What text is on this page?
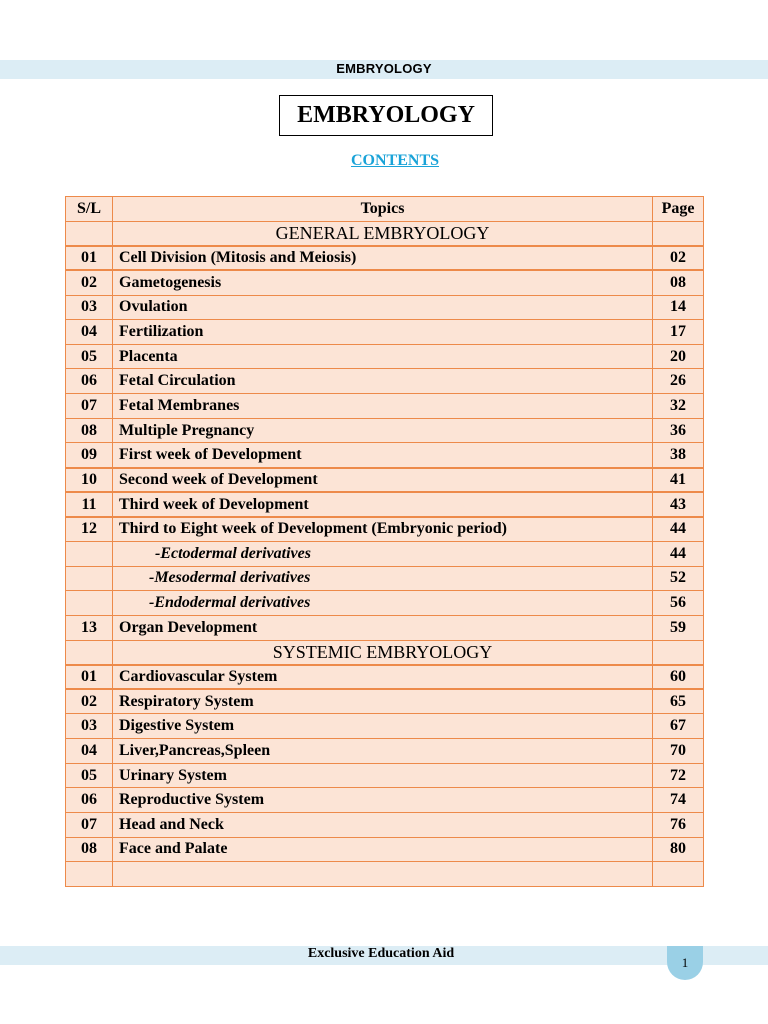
EMBRYOLOGY
EMBRYOLOGY
CONTENTS
S/L	Topics	Page
	GENERAL EMBRYOLOGY	
01	Cell Division (Mitosis and Meiosis)	02
02	Gametogenesis	08
03	Ovulation	14
04	Fertilization	17
05	Placenta	20
06	Fetal Circulation	26
07	Fetal Membranes	32
08	Multiple Pregnancy	36
09	First week of Development	38
10	Second week of Development	41
11	Third week of Development	43
12	Third to Eight week of Development (Embryonic period)	44
	-Ectodermal derivatives	44
	-Mesodermal derivatives	52
	-Endodermal derivatives	56
13	Organ Development	59
	SYSTEMIC EMBRYOLOGY	
01	Cardiovascular System	60
02	Respiratory System	65
03	Digestive System	67
04	Liver,Pancreas,Spleen	70
05	Urinary System	72
06	Reproductive System	74
07	Head and Neck	76
08	Face and Palate	80

Exclusive Education Aid
1
